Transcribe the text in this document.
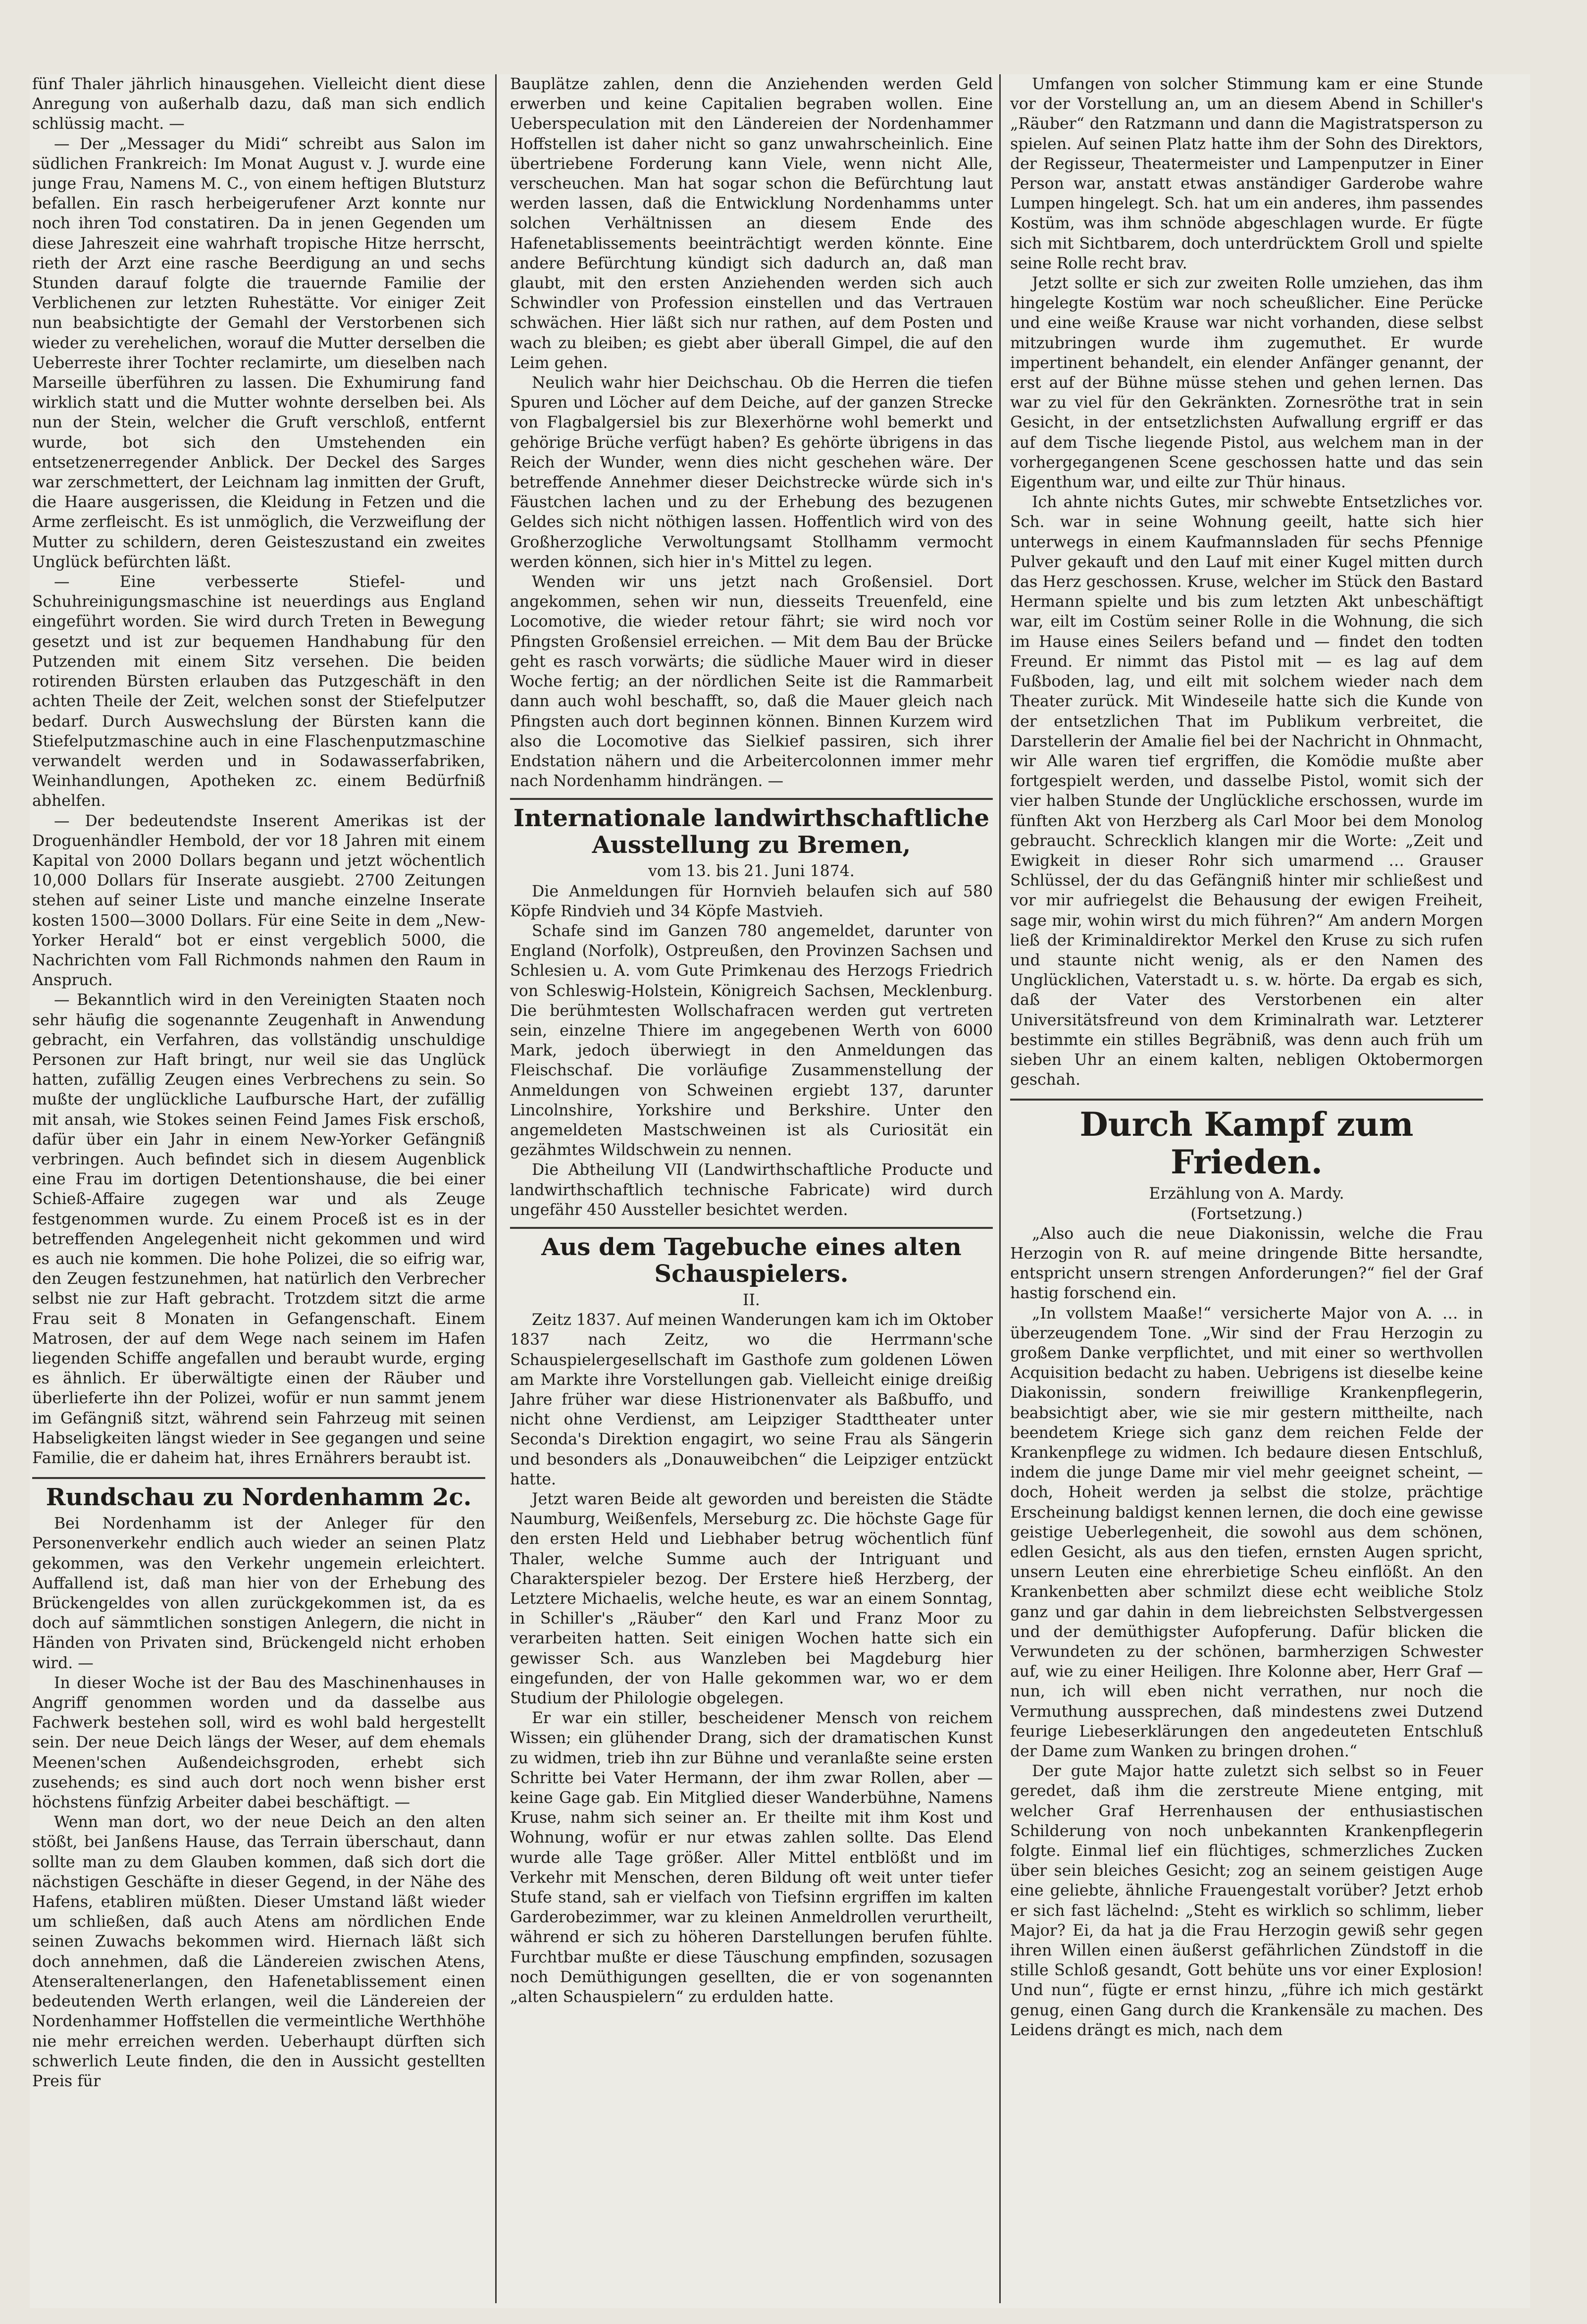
fünf Thaler jährlich hinausgehen. Vielleicht dient diese Anregung von außerhalb dazu, daß man sich endlich schlüssig macht. —

— Der „Messager du Midi“ schreibt aus Salon im südlichen Frankreich: Im Monat August v. J. wurde eine junge Frau, Namens M. C., von einem heftigen Blutsturz befallen. Ein rasch herbeigerufener Arzt konnte nur noch ihren Tod constatiren. Da in jenen Gegenden um diese Jahreszeit eine wahrhaft tropische Hitze herrscht, rieth der Arzt eine rasche Beerdigung an und sechs Stunden darauf folgte die trauernde Familie der Verblichenen zur letzten Ruhestätte. Vor einiger Zeit nun beabsichtigte der Gemahl der Verstorbenen sich wieder zu verehelichen, worauf die Mutter derselben die Ueberreste ihrer Tochter reclamirte, um dieselben nach Marseille überführen zu lassen. Die Exhumirung fand wirklich statt und die Mutter wohnte derselben bei. Als nun der Stein, welcher die Gruft verschloß, entfernt wurde, bot sich den Umstehenden ein entsetzenerregender Anblick. Der Deckel des Sarges war zerschmettert, der Leichnam lag inmitten der Gruft, die Haare ausgerissen, die Kleidung in Fetzen und die Arme zerfleischt. Es ist unmöglich, die Verzweiflung der Mutter zu schildern, deren Geisteszustand ein zweites Unglück befürchten läßt.

— Eine verbesserte Stiefel- und Schuhreinigungsmaschine ist neuerdings aus England eingeführt worden. Sie wird durch Treten in Bewegung gesetzt und ist zur bequemen Handhabung für den Putzenden mit einem Sitz versehen. Die beiden rotirenden Bürsten erlauben das Putzgeschäft in den achten Theile der Zeit, welchen sonst der Stiefelputzer bedarf. Durch Auswechslung der Bürsten kann die Stiefelputzmaschine auch in eine Flaschenputzmaschine verwandelt werden und in Sodawasserfabriken, Weinhandlungen, Apotheken zc. einem Bedürfniß abhelfen.

— Der bedeutendste Inserent Amerikas ist der Droguenhändler Hembold, der vor 18 Jahren mit einem Kapital von 2000 Dollars begann und jetzt wöchentlich 10,000 Dollars für Inserate ausgiebt. 2700 Zeitungen stehen auf seiner Liste und manche einzelne Inserate kosten 1500—3000 Dollars. Für eine Seite in dem „New-Yorker Herald“ bot er einst vergeblich 5000, die Nachrichten vom Fall Richmonds nahmen den Raum in Anspruch.

— Bekanntlich wird in den Vereinigten Staaten noch sehr häufig die sogenannte Zeugenhaft in Anwendung gebracht, ein Verfahren, das vollständig unschuldige Personen zur Haft bringt, nur weil sie das Unglück hatten, zufällig Zeugen eines Verbrechens zu sein. So mußte der unglückliche Laufbursche Hart, der zufällig mit ansah, wie Stokes seinen Feind James Fisk erschoß, dafür über ein Jahr in einem New-Yorker Gefängniß verbringen. Auch befindet sich in diesem Augenblick eine Frau im dortigen Detentionshause, die bei einer Schieß-Affaire zugegen war und als Zeuge festgenommen wurde. Zu einem Proceß ist es in der betreffenden Angelegenheit nicht gekommen und wird es auch nie kommen. Die hohe Polizei, die so eifrig war, den Zeugen festzunehmen, hat natürlich den Verbrecher selbst nie zur Haft gebracht. Trotzdem sitzt die arme Frau seit 8 Monaten in Gefangenschaft. Einem Matrosen, der auf dem Wege nach seinem im Hafen liegenden Schiffe angefallen und beraubt wurde, erging es ähnlich. Er überwältigte einen der Räuber und überlieferte ihn der Polizei, wofür er nun sammt jenem im Gefängniß sitzt, während sein Fahrzeug mit seinen Habseligkeiten längst wieder in See gegangen und seine Familie, die er daheim hat, ihres Ernährers beraubt ist.

Rundschau zu Nordenhamm 2c.

Bei Nordenhamm ist der Anleger für den Personenverkehr endlich auch wieder an seinen Platz gekommen, was den Verkehr ungemein erleichtert. Auffallend ist, daß man hier von der Erhebung des Brückengeldes von allen zurückgekommen ist, da es doch auf sämmtlichen sonstigen Anlegern, die nicht in Händen von Privaten sind, Brückengeld nicht erhoben wird. —

In dieser Woche ist der Bau des Maschinenhauses in Angriff genommen worden und da dasselbe aus Fachwerk bestehen soll, wird es wohl bald hergestellt sein. Der neue Deich längs der Weser, auf dem ehemals Meenen'schen Außendeichsgroden, erhebt sich zusehends; es sind auch dort noch wenn bisher erst höchstens fünfzig Arbeiter dabei beschäftigt. —

Wenn man dort, wo der neue Deich an den alten stößt, bei Janßens Hause, das Terrain überschaut, dann sollte man zu dem Glauben kommen, daß sich dort die nächstigen Geschäfte in dieser Gegend, in der Nähe des Hafens, etabliren müßten. Dieser Umstand läßt wieder um schließen, daß auch Atens am nördlichen Ende seinen Zuwachs bekommen wird. Hiernach läßt sich doch annehmen, daß die Ländereien zwischen Atens, Atenseraltenerlangen, den Hafenetablissement einen bedeutenden Werth erlangen, weil die Ländereien der Nordenhammer Hoffstellen die vermeintliche Werthhöhe nie mehr erreichen werden. Ueberhaupt dürften sich schwerlich Leute finden, die den in Aussicht gestellten Preis für

Bauplätze zahlen, denn die Anziehenden werden Geld erwerben und keine Capitalien begraben wollen. Eine Ueberspeculation mit den Ländereien der Nordenhammer Hoffstellen ist daher nicht so ganz unwahrscheinlich. Eine übertriebene Forderung kann Viele, wenn nicht Alle, verscheuchen. Man hat sogar schon die Befürchtung laut werden lassen, daß die Entwicklung Nordenhamms unter solchen Verhältnissen an diesem Ende des Hafenetablissements beeinträchtigt werden könnte. Eine andere Befürchtung kündigt sich dadurch an, daß man glaubt, mit den ersten Anziehenden werden sich auch Schwindler von Profession einstellen und das Vertrauen schwächen. Hier läßt sich nur rathen, auf dem Posten und wach zu bleiben; es giebt aber überall Gimpel, die auf den Leim gehen.

Neulich wahr hier Deichschau. Ob die Herren die tiefen Spuren und Löcher auf dem Deiche, auf der ganzen Strecke von Flagbalgersiel bis zur Blexerhörne wohl bemerkt und gehörige Brüche verfügt haben? Es gehörte übrigens in das Reich der Wunder, wenn dies nicht geschehen wäre. Der betreffende Annehmer dieser Deichstrecke würde sich in's Fäustchen lachen und zu der Erhebung des bezugenen Geldes sich nicht nöthigen lassen. Hoffentlich wird von des Großherzogliche Verwoltungsamt Stollhamm vermocht werden können, sich hier in's Mittel zu legen.

Wenden wir uns jetzt nach Großensiel. Dort angekommen, sehen wir nun, diesseits Treuenfeld, eine Locomotive, die wieder retour fährt; sie wird noch vor Pfingsten Großensiel erreichen. — Mit dem Bau der Brücke geht es rasch vorwärts; die südliche Mauer wird in dieser Woche fertig; an der nördlichen Seite ist die Rammarbeit dann auch wohl beschafft, so, daß die Mauer gleich nach Pfingsten auch dort beginnen können. Binnen Kurzem wird also die Locomotive das Sielkief passiren, sich ihrer Endstation nähern und die Arbeitercolonnen immer mehr nach Nordenhamm hindrängen. —

Internationale landwirthschaftliche Ausstellung zu Bremen,

vom 13. bis 21. Juni 1874.

Die Anmeldungen für Hornvieh belaufen sich auf 580 Köpfe Rindvieh und 34 Köpfe Mastvieh.

Schafe sind im Ganzen 780 angemeldet, darunter von England (Norfolk), Ostpreußen, den Provinzen Sachsen und Schlesien u. A. vom Gute Primkenau des Herzogs Friedrich von Schleswig-Holstein, Königreich Sachsen, Mecklenburg. Die berühmtesten Wollschafracen werden gut vertreten sein, einzelne Thiere im angegebenen Werth von 6000 Mark, jedoch überwiegt in den Anmeldungen das Fleischschaf. Die vorläufige Zusammenstellung der Anmeldungen von Schweinen ergiebt 137, darunter Lincolnshire, Yorkshire und Berkshire. Unter den angemeldeten Mastschweinen ist als Curiosität ein gezähmtes Wildschwein zu nennen.

Die Abtheilung VII (Landwirthschaftliche Producte und landwirthschaftlich technische Fabricate) wird durch ungefähr 450 Aussteller besichtet werden.

Aus dem Tagebuche eines alten Schauspielers.

II.

Zeitz 1837. Auf meinen Wanderungen kam ich im Oktober 1837 nach Zeitz, wo die Herrmann'sche Schauspielergesellschaft im Gasthofe zum goldenen Löwen am Markte ihre Vorstellungen gab. Vielleicht einige dreißig Jahre früher war diese Histrionenvater als Baßbuffo, und nicht ohne Verdienst, am Leipziger Stadttheater unter Seconda's Direktion engagirt, wo seine Frau als Sängerin und besonders als „Donauweibchen“ die Leipziger entzückt hatte.

Jetzt waren Beide alt geworden und bereisten die Städte Naumburg, Weißenfels, Merseburg zc. Die höchste Gage für den ersten Held und Liebhaber betrug wöchentlich fünf Thaler, welche Summe auch der Intriguant und Charakterspieler bezog. Der Erstere hieß Herzberg, der Letztere Michaelis, welche heute, es war an einem Sonntag, in Schiller's „Räuber“ den Karl und Franz Moor zu verarbeiten hatten. Seit einigen Wochen hatte sich ein gewisser Sch. aus Wanzleben bei Magdeburg hier eingefunden, der von Halle gekommen war, wo er dem Studium der Philologie obgelegen.

Er war ein stiller, bescheidener Mensch von reichem Wissen; ein glühender Drang, sich der dramatischen Kunst zu widmen, trieb ihn zur Bühne und veranlaßte seine ersten Schritte bei Vater Hermann, der ihm zwar Rollen, aber — keine Gage gab. Ein Mitglied dieser Wanderbühne, Namens Kruse, nahm sich seiner an. Er theilte mit ihm Kost und Wohnung, wofür er nur etwas zahlen sollte. Das Elend wurde alle Tage größer. Aller Mittel entblößt und im Verkehr mit Menschen, deren Bildung oft weit unter tiefer Stufe stand, sah er vielfach von Tiefsinn ergriffen im kalten Garderobezimmer, war zu kleinen Anmeldrollen verurtheilt, während er sich zu höheren Darstellungen berufen fühlte. Furchtbar mußte er diese Täuschung empfinden, sozusagen noch Demüthigungen gesellten, die er von sogenannten „alten Schauspielern“ zu erdulden hatte.

Umfangen von solcher Stimmung kam er eine Stunde vor der Vorstellung an, um an diesem Abend in Schiller's „Räuber“ den Ratzmann und dann die Magistratsperson zu spielen. Auf seinen Platz hatte ihm der Sohn des Direktors, der Regisseur, Theatermeister und Lampenputzer in Einer Person war, anstatt etwas anständiger Garderobe wahre Lumpen hingelegt. Sch. hat um ein anderes, ihm passendes Kostüm, was ihm schnöde abgeschlagen wurde. Er fügte sich mit Sichtbarem, doch unterdrücktem Groll und spielte seine Rolle recht brav.

Jetzt sollte er sich zur zweiten Rolle umziehen, das ihm hingelegte Kostüm war noch scheußlicher. Eine Perücke und eine weiße Krause war nicht vorhanden, diese selbst mitzubringen wurde ihm zugemuthet. Er wurde impertinent behandelt, ein elender Anfänger genannt, der erst auf der Bühne müsse stehen und gehen lernen. Das war zu viel für den Gekränkten. Zornesröthe trat in sein Gesicht, in der entsetzlichsten Aufwallung ergriff er das auf dem Tische liegende Pistol, aus welchem man in der vorhergegangenen Scene geschossen hatte und das sein Eigenthum war, und eilte zur Thür hinaus.

Ich ahnte nichts Gutes, mir schwebte Entsetzliches vor. Sch. war in seine Wohnung geeilt, hatte sich hier unterwegs in einem Kaufmannsladen für sechs Pfennige Pulver gekauft und den Lauf mit einer Kugel mitten durch das Herz geschossen. Kruse, welcher im Stück den Bastard Hermann spielte und bis zum letzten Akt unbeschäftigt war, eilt im Costüm seiner Rolle in die Wohnung, die sich im Hause eines Seilers befand und — findet den todten Freund. Er nimmt das Pistol mit — es lag auf dem Fußboden, lag, und eilt mit solchem wieder nach dem Theater zurück. Mit Windeseile hatte sich die Kunde von der entsetzlichen That im Publikum verbreitet, die Darstellerin der Amalie fiel bei der Nachricht in Ohnmacht, wir Alle waren tief ergriffen, die Komödie mußte aber fortgespielt werden, und dasselbe Pistol, womit sich der vier halben Stunde der Unglückliche erschossen, wurde im fünften Akt von Herzberg als Carl Moor bei dem Monolog gebraucht. Schrecklich klangen mir die Worte: „Zeit und Ewigkeit in dieser Rohr sich umarmend … Grauser Schlüssel, der du das Gefängniß hinter mir schließest und vor mir aufriegelst die Behausung der ewigen Freiheit, sage mir, wohin wirst du mich führen?“ Am andern Morgen ließ der Kriminaldirektor Merkel den Kruse zu sich rufen und staunte nicht wenig, als er den Namen des Unglücklichen, Vaterstadt u. s. w. hörte. Da ergab es sich, daß der Vater des Verstorbenen ein alter Universitätsfreund von dem Kriminalrath war. Letzterer bestimmte ein stilles Begräbniß, was denn auch früh um sieben Uhr an einem kalten, nebligen Oktobermorgen geschah.

Durch Kampf zum Frieden.

Erzählung von A. Mardy.

(Fortsetzung.)

„Also auch die neue Diakonissin, welche die Frau Herzogin von R. auf meine dringende Bitte hersandte, entspricht unsern strengen Anforderungen?“ fiel der Graf hastig forschend ein.

„In vollstem Maaße!“ versicherte Major von A. … in überzeugendem Tone. „Wir sind der Frau Herzogin zu großem Danke verpflichtet, und mit einer so werthvollen Acquisition bedacht zu haben. Uebrigens ist dieselbe keine Diakonissin, sondern freiwillige Krankenpflegerin, beabsichtigt aber, wie sie mir gestern mittheilte, nach beendetem Kriege sich ganz dem reichen Felde der Krankenpflege zu widmen. Ich bedaure diesen Entschluß, indem die junge Dame mir viel mehr geeignet scheint, — doch, Hoheit werden ja selbst die stolze, prächtige Erscheinung baldigst kennen lernen, die doch eine gewisse geistige Ueberlegenheit, die sowohl aus dem schönen, edlen Gesicht, als aus den tiefen, ernsten Augen spricht, unsern Leuten eine ehrerbietige Scheu einflößt. An den Krankenbetten aber schmilzt diese echt weibliche Stolz ganz und gar dahin in dem liebreichsten Selbstvergessen und der demüthigster Aufopferung. Dafür blicken die Verwundeten zu der schönen, barmherzigen Schwester auf, wie zu einer Heiligen. Ihre Kolonne aber, Herr Graf — nun, ich will eben nicht verrathen, nur noch die Vermuthung aussprechen, daß mindestens zwei Dutzend feurige Liebeserklärungen den angedeuteten Entschluß der Dame zum Wanken zu bringen drohen.“

Der gute Major hatte zuletzt sich selbst so in Feuer geredet, daß ihm die zerstreute Miene entging, mit welcher Graf Herrenhausen der enthusiastischen Schilderung von noch unbekannten Krankenpflegerin folgte. Einmal lief ein flüchtiges, schmerzliches Zucken über sein bleiches Gesicht; zog an seinem geistigen Auge eine geliebte, ähnliche Frauengestalt vorüber? Jetzt erhob er sich fast lächelnd: „Steht es wirklich so schlimm, lieber Major? Ei, da hat ja die Frau Herzogin gewiß sehr gegen ihren Willen einen äußerst gefährlichen Zündstoff in die stille Schloß gesandt, Gott behüte uns vor einer Explosion! Und nun“, fügte er ernst hinzu, „führe ich mich gestärkt genug, einen Gang durch die Krankensäle zu machen. Des Leidens drängt es mich, nach dem
